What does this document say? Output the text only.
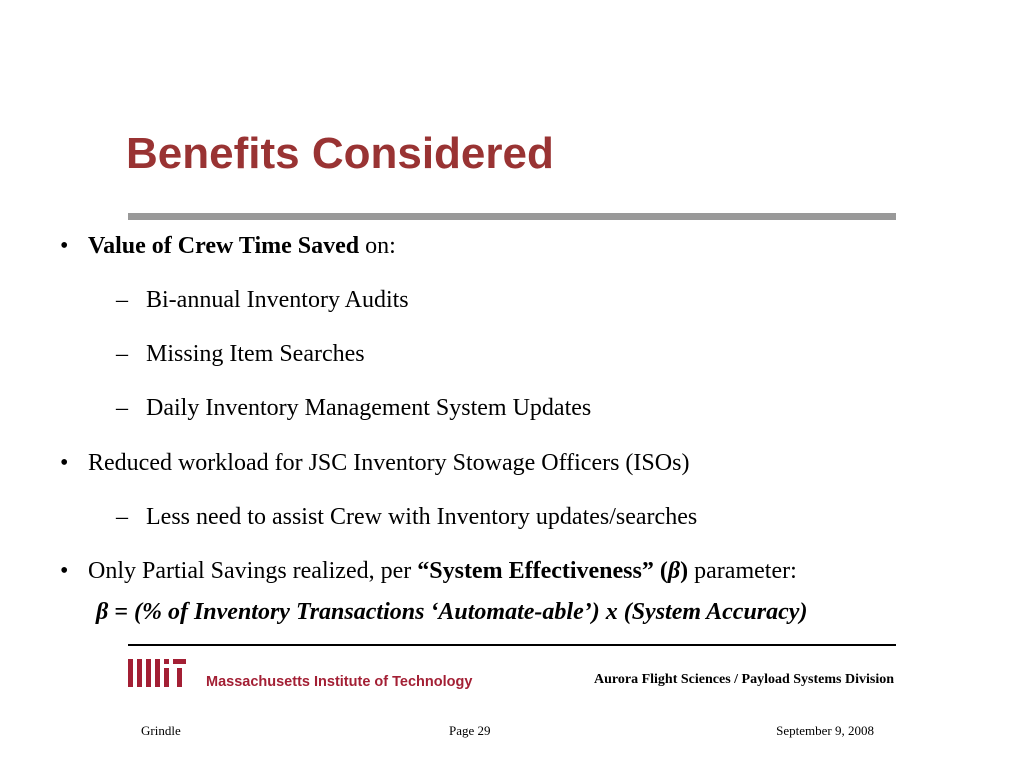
Benefits Considered
• Value of Crew Time Saved on:

– Bi-annual Inventory Audits

– Missing Item Searches

– Daily Inventory Management System Updates

• Reduced workload for JSC Inventory Stowage Officers (ISOs)

– Less need to assist Crew with Inventory updates/searches

• Only Partial Savings realized, per “System Effectiveness” (β) parameter:

β = (% of Inventory Transactions ‘Automate-able’) x (System Accuracy)

Massachusetts Institute of Technology	Aurora Flight Sciences / Payload Systems Division
Grindle	Page 29	September 9, 2008
